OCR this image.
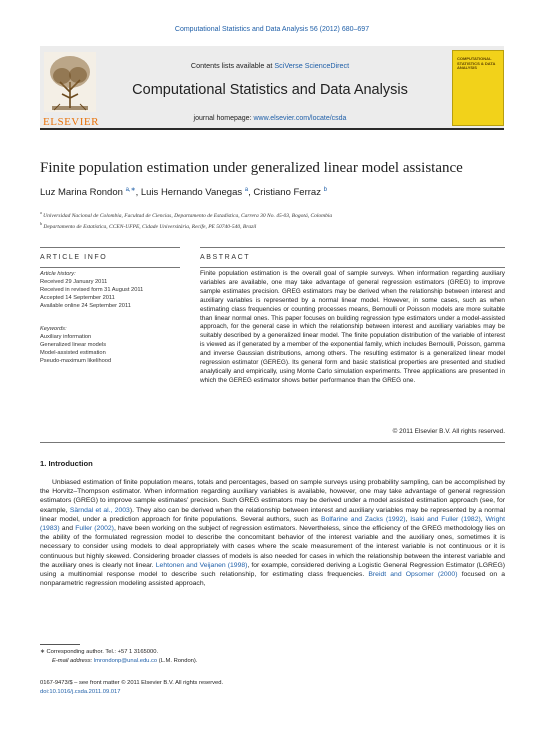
Computational Statistics and Data Analysis 56 (2012) 680–697
ELSEVIER
Contents lists available at SciVerse ScienceDirect
Computational Statistics and Data Analysis
journal homepage: www.elsevier.com/locate/csda
COMPUTATIONAL STATISTICS & DATA ANALYSIS
Finite population estimation under generalized linear model assistance
Luz Marina Rondon $^{a,∗}$, Luis Hernando Vanegas $^a$, Cristiano Ferraz $^b$
$^a$ Universidad Nacional de Colombia, Facultad de Ciencias, Departamento de Estadística, Carrera 30 No. 45-03, Bogotá, Colombia
$^b$ Departamento de Estatística, CCEN-UFPE, Cidade Universitária, Recife, PE 50740-540, Brazil
ARTICLE INFO	ABSTRACT
Article history:
Received 29 January 2011
Received in revised form 31 August 2011
Accepted 14 September 2011
Available online 24 September 2011
Keywords:
Auxiliary information
Generalized linear models
Model-assisted estimation
Pseudo-maximum likelihood
Finite population estimation is the overall goal of sample surveys. When information regarding auxiliary variables are available, one may take advantage of general regression estimators (GREG) to improve sample estimates precision. GREG estimators may be derived when the relationship between interest and auxiliary variables is represented by a normal linear model. However, in some cases, such as when estimating class frequencies or counting processes means, Bernoulli or Poisson models are more suitable than linear normal ones. This paper focuses on building regression type estimators under a model-assisted approach, for the general case in which the relationship between interest and auxiliary variables may be suitably described by a generalized linear model. The finite population distribution of the variable of interest is viewed as if generated by a member of the exponential family, which includes Bernoulli, Poisson, gamma and inverse Gaussian distributions, among others. The resulting estimator is a generalized linear model regression estimator (GEREG). Its general form and basic statistical properties are presented and studied analytically and empirically, using Monte Carlo simulation experiments. Three applications are presented in which the GEREG estimator shows better performance than the GREG one.
© 2011 Elsevier B.V. All rights reserved.
1. Introduction
Unbiased estimation of finite population means, totals and percentages, based on sample surveys using probability sampling, can be accomplished by the Horvitz–Thompson estimator. When information regarding auxiliary variables is available, however, one may take advantage of general regression estimators (GREG) to improve sample estimates' precision. Such GREG estimators may be derived under a model assisted estimation approach (see, for example, Särndal et al., 2003). They also can be derived when the relationship between interest and auxiliary variables may be represented by a normal linear model, under a prediction approach for finite populations. Several authors, such as Bolfarine and Zacks (1992), Isaki and Fuller (1982), Wright (1983) and Fuller (2002), have been working on the subject of regression estimators. Nevertheless, since the efficiency of the GREG methodology lies on the ability of the formulated regression model to describe the concomitant behavior of the interest variable and the auxiliary ones, sometimes it is necessary to consider using models to deal appropriately with cases where the scale measurement of the interest variable is not continuous or it is continuous but highly skewed. Considering broader classes of models is also needed for cases in which the relationship between the interest variable and the auxiliary ones is clearly not linear. Lehtonen and Veijanen (1998), for example, considered deriving a Logistic General Regression Estimator (LGREG) using a multinomial response model to describe such relationship, for estimating class frequencies. Breidt and Opsomer (2000) focused on a nonparametric regression modeling assisted approach,
∗ Corresponding author. Tel.: +57 1 3165000.
E-mail address: lmrondonp@unal.edu.co (L.M. Rondon).
0167-9473/$ – see front matter © 2011 Elsevier B.V. All rights reserved.
doi:10.1016/j.csda.2011.09.017
